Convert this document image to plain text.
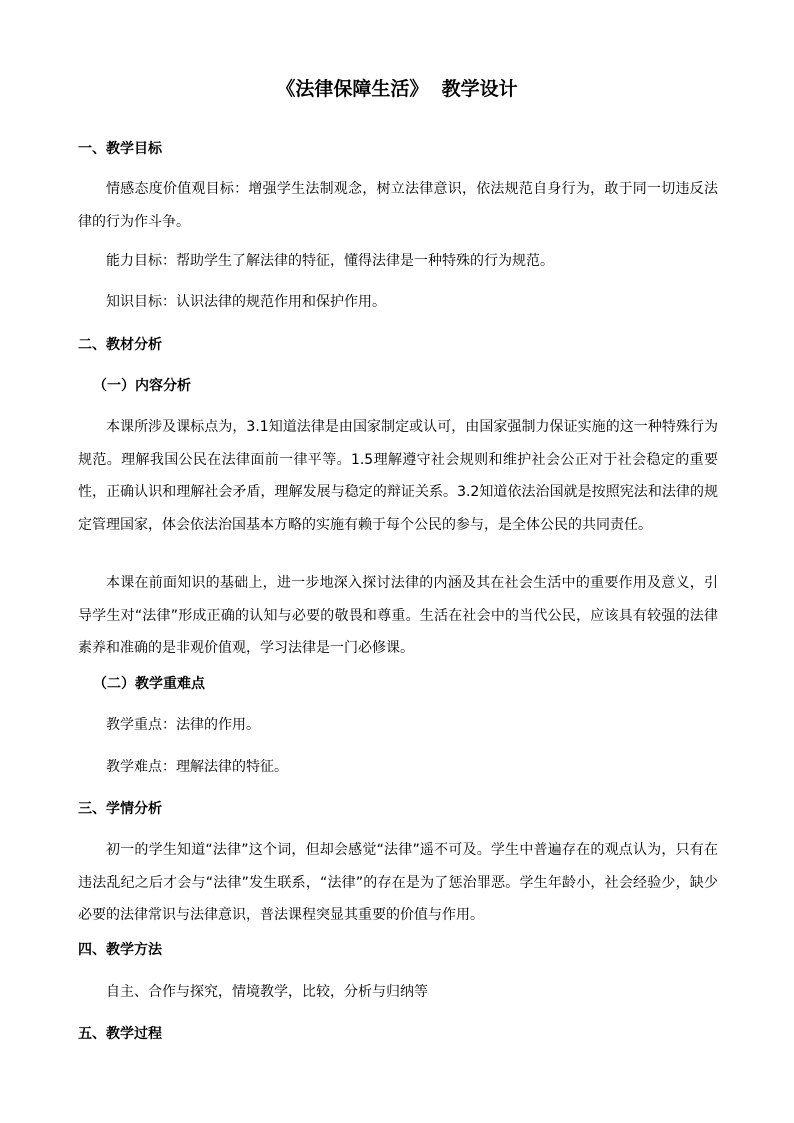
《法律保障生活》  教学设计
一、教学目标
情感态度价值观目标：增强学生法制观念，树立法律意识，依法规范自身行为，敢于同一切违反法律的行为作斗争。
能力目标：帮助学生了解法律的特征，懂得法律是一种特殊的行为规范。
知识目标：认识法律的规范作用和保护作用。
二、教材分析
（一）内容分析
本课所涉及课标点为，3.1知道法律是由国家制定或认可，由国家强制力保证实施的这一种特殊行为规范。理解我国公民在法律面前一律平等。1.5理解遵守社会规则和维护社会公正对于社会稳定的重要性，正确认识和理解社会矛盾，理解发展与稳定的辩证关系。3.2知道依法治国就是按照宪法和法律的规定管理国家，体会依法治国基本方略的实施有赖于每个公民的参与，是全体公民的共同责任。
本课在前面知识的基础上，进一步地深入探讨法律的内涵及其在社会生活中的重要作用及意义，引导学生对“法律”形成正确的认知与必要的敬畏和尊重。生活在社会中的当代公民，应该具有较强的法律素养和准确的是非观价值观，学习法律是一门必修课。
（二）教学重难点
教学重点：法律的作用。
教学难点：理解法律的特征。
三、学情分析
初一的学生知道“法律”这个词，但却会感觉“法律”遥不可及。学生中普遍存在的观点认为，只有在违法乱纪之后才会与“法律”发生联系，“法律”的存在是为了惩治罪恶。学生年龄小，社会经验少，缺少必要的法律常识与法律意识，普法课程突显其重要的价值与作用。
四、教学方法
自主、合作与探究，情境教学，比较，分析与归纳等
五、教学过程
